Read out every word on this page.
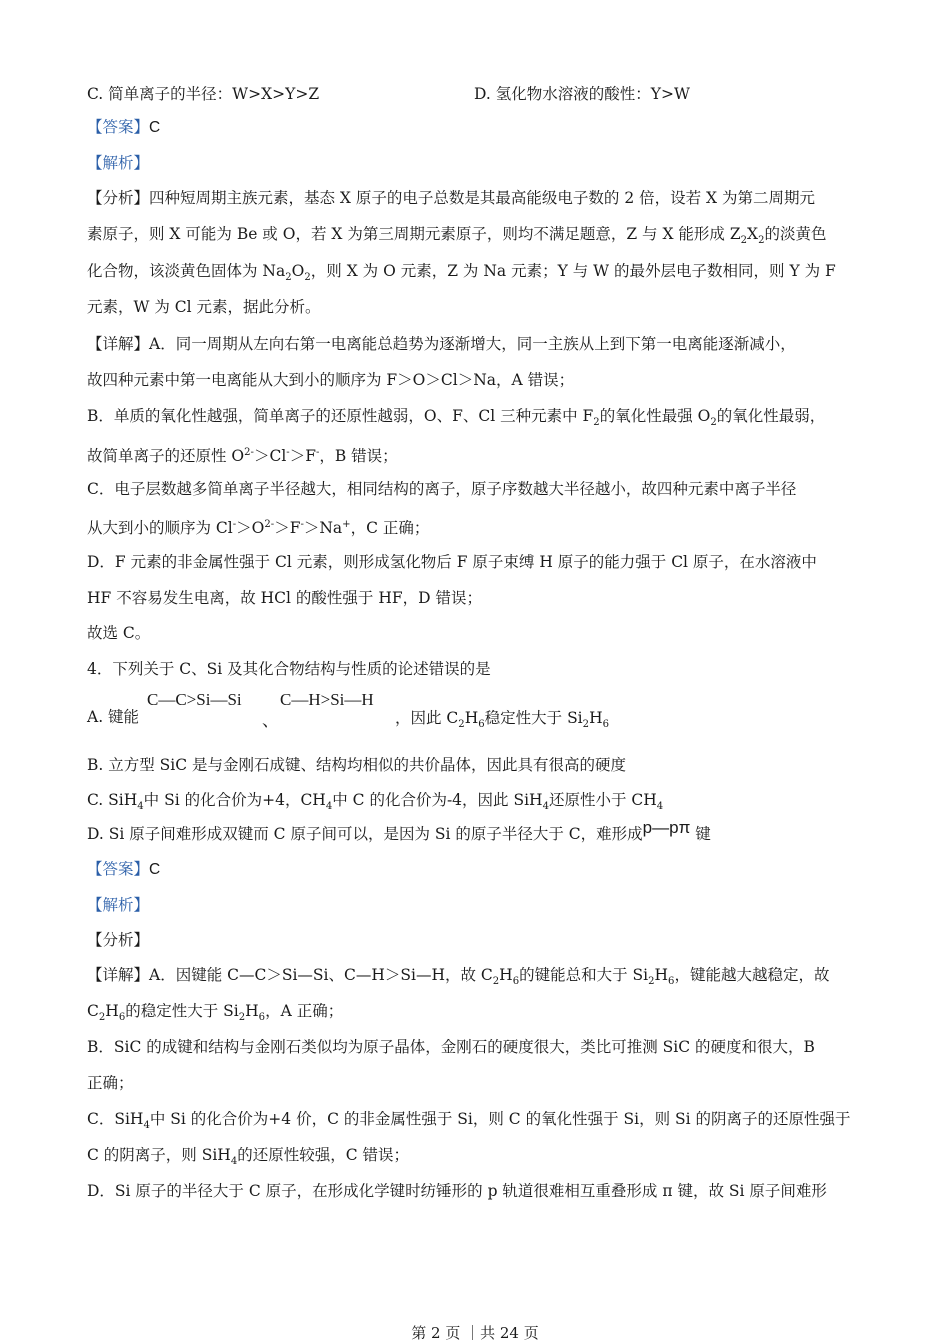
C. 简单离子的半径：W>X>Y>Z	D. 氢化物水溶液的酸性：Y>W
【答案】C
【解析】
【分析】四种短周期主族元素，基态 X 原子的电子总数是其最高能级电子数的 2 倍，设若 X 为第二周期元
素原子，则 X 可能为 Be 或 O，若 X 为第三周期元素原子，则均不满足题意，Z 与 X 能形成 $Z_2X_2$的淡黄色
化合物，该淡黄色固体为 $Na_2O_2$，则 X 为 O 元素，Z 为 Na 元素；Y 与 W 的最外层电子数相同，则 Y 为 F
元素，W 为 Cl 元素，据此分析。
【详解】A．同一周期从左向右第一电离能总趋势为逐渐增大，同一主族从上到下第一电离能逐渐减小，
故四种元素中第一电离能从大到小的顺序为 F＞O＞Cl＞Na，A 错误；
B．单质的氧化性越强，简单离子的还原性越弱，O、F、Cl 三种元素中 $F_2$的氧化性最强 $O_2$的氧化性最弱，
故简单离子的还原性 $O^{2-}>Cl^->F^-$，B 错误；
C．电子层数越多简单离子半径越大，相同结构的离子，原子序数越大半径越小，故四种元素中离子半径
从大到小的顺序为 $Cl^->O^{2-}>F^->Na^+$，C 正确；
D．F 元素的非金属性强于 Cl 元素，则形成氢化物后 F 原子束缚 H 原子的能力强于 Cl 原子，在水溶液中
HF 不容易发生电离，故 HCl 的酸性强于 HF，D 错误；
故选 C。
4．下列关于 C、Si 及其化合物结构与性质的论述错误的是
A. 键能
C—C>Si—Si
、
C—H>Si—H
，因此 $C_2H_6$稳定性大于 $Si_2H_6$
B. 立方型 SiC 是与金刚石成键、结构均相似的共价晶体，因此具有很高的硬度
C. SiH$_4$中 Si 的化合价为+4，$CH_4$中 C 的化合价为-4，因此 SiH$_4$还原性小于 $CH_4$
D. Si 原子间难形成双键而 C 原子间可以，是因为 Si 的原子半径大于 C，难形成p—pπ 键
【答案】C
【解析】
【分析】
【详解】A．因键能 C—C＞Si—Si、C—H＞Si—H，故 $C_2H_6$的键能总和大于 $Si_2H_6$，键能越大越稳定，故
$C_2H_6$的稳定性大于 $Si_2H_6$，A 正确；
B．SiC 的成键和结构与金刚石类似均为原子晶体，金刚石的硬度很大，类比可推测 SiC 的硬度和很大，B
正确；
C．SiH$_4$中 Si 的化合价为+4 价，C 的非金属性强于 Si，则 C 的氧化性强于 Si，则 Si 的阴离子的还原性强于
C 的阴离子，则 SiH$_4$的还原性较强，C 错误；
D．Si 原子的半径大于 C 原子，在形成化学键时纺锤形的 p 轨道很难相互重叠形成 π 键，故 Si 原子间难形
第 2 页 ｜共 24 页
